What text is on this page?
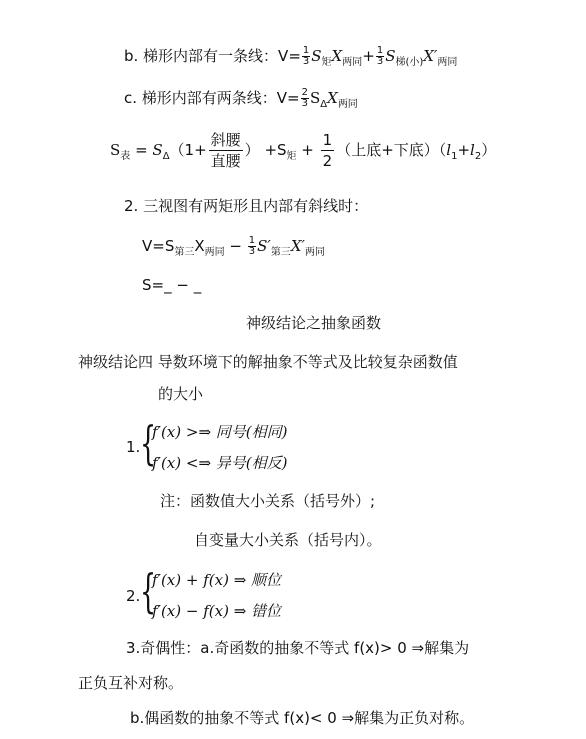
b. 梯形内部有一条线：$V= \frac{1}{3} S_矩X_{两同}+ \frac{1}{3} S_{梯(小)}X'_{两同}$
c. 梯形内部有两条线：$V= \frac{2}{3} S_\Delta X_{两同}$
$S_表 = S_\Delta(1+$
斜腰
直腰
） $+S_矩 + \frac{1}{2}$ （上底+下底）$(l_1+l_2)$
2. 三视图有两矩形且内部有斜线时：
$V=S_{第三}X_{两同} - \frac{1}{3} S'_{第三}X'_{两同}$
S=_ − _
神级结论之抽象函数
神级结论四 导数环境下的解抽象不等式及比较复杂函数值
的大小
1. {
f′(x) >⇒ 同号(相同)
f′(x) <⇒ 异号(相反)
注：函数值大小关系（括号外）;
自变量大小关系（括号内）。
2. {
f′(x) + f(x) ⇒ 顺位
f′(x) − f(x) ⇒ 错位
3.奇偶性：a.奇函数的抽象不等式 f(x)> 0 ⇒解集为
正负互补对称。
b.偶函数的抽象不等式 f(x)< 0 ⇒解集为正负对称。
